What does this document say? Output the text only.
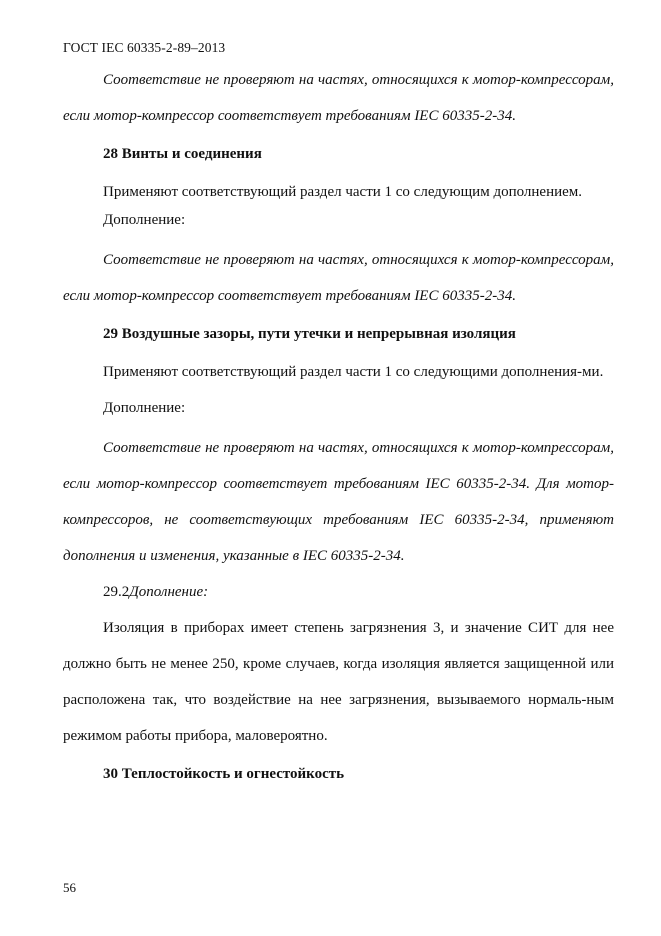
ГОСТ IEC 60335-2-89–2013

Соответствие не проверяют на частях, относящихся к мотор-компрессорам, если мотор-компрессор соответствует требованиям IEC 60335-2-34.

28 Винты и соединения

Применяют соответствующий раздел части 1 со следующим дополнением.

Дополнение:

Соответствие не проверяют на частях, относящихся к мотор-компрессорам, если мотор-компрессор соответствует требованиям IEC 60335-2-34.

29 Воздушные зазоры, пути утечки и непрерывная изоляция

Применяют соответствующий раздел части 1 со следующими дополнения-ми.

Дополнение:

Соответствие не проверяют на частях, относящихся к мотор-компрессорам, если мотор-компрессор соответствует требованиям IEC 60335-2-34. Для мотор-компрессоров, не соответствующих требованиям IEC 60335-2-34, применяют дополнения и изменения, указанные в IEC 60335-2-34.

29.2Дополнение:

Изоляция в приборах имеет степень загрязнения 3, и значение СИТ для нее должно быть не менее 250, кроме случаев, когда изоляция является защищенной или расположена так, что воздействие на нее загрязнения, вызываемого нормаль-ным режимом работы прибора, маловероятно.

30 Теплостойкость и огнестойкость

56
